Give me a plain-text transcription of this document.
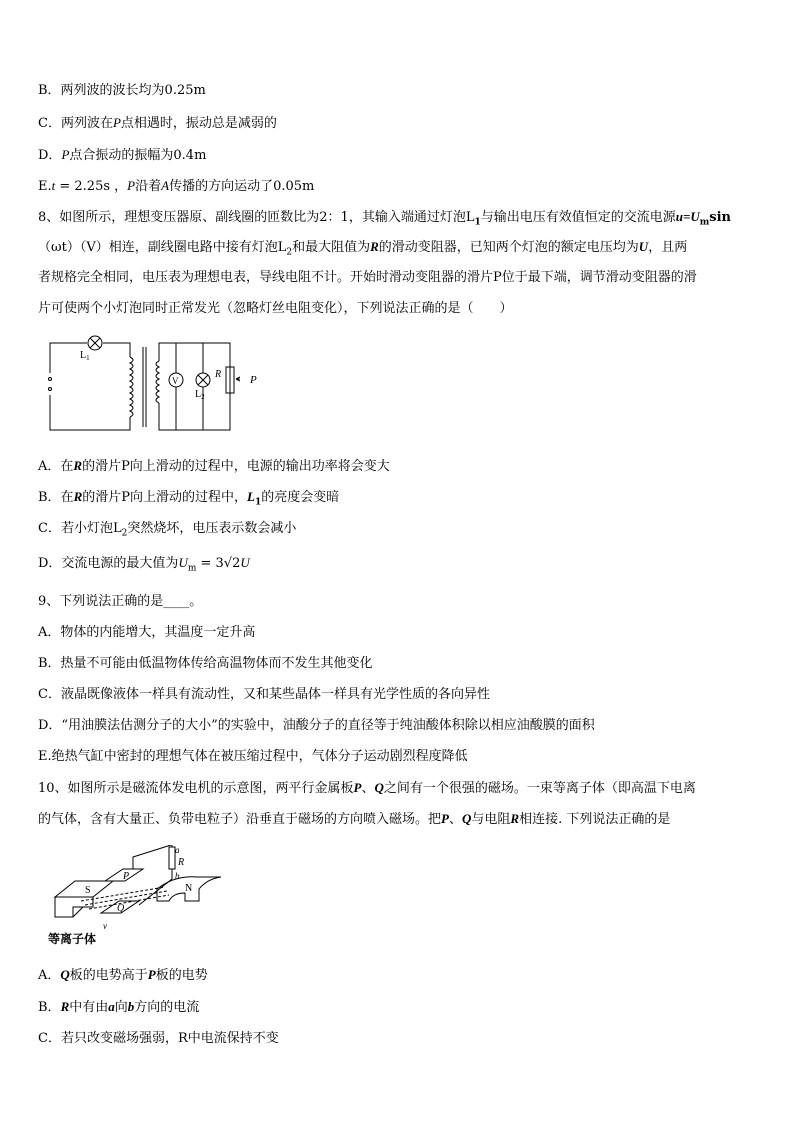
B．两列波的波长均为0.25m
C．两列波在P点相遇时，振动总是减弱的
D．P点合振动的振幅为0.4m
E.t = 2.25s ，P沿着A传播的方向运动了0.05m
8、如图所示，理想变压器原、副线圈的匝数比为2：1，其输入端通过灯泡$L_1$与输出电压有效值恒定的交流电源$u=U_m\sin$
（ωt）（V）相连，副线圈电路中接有灯泡$L_2$和最大阻值为R的滑动变阻器，已知两个灯泡的额定电压均为U，且两
者规格完全相同，电压表为理想电表，导线电阻不计。开始时滑动变阻器的滑片P位于最下端，调节滑动变阻器的滑
片可使两个小灯泡同时正常发光（忽略灯丝电阻变化），下列说法正确的是（　　）
$L_1$
V
$L_2$
R	P
A．在R的滑片P向上滑动的过程中，电源的输出功率将会变大
B．在R的滑片P向上滑动的过程中，$L_1$的亮度会变暗
C．若小灯泡$L_2$突然烧坏，电压表示数会减小
D．交流电源的最大值为$U_m = 3√2U$
9、下列说法正确的是____。
A．物体的内能增大，其温度一定升高
B．热量不可能由低温物体传给高温物体而不发生其他变化
C．液晶既像液体一样具有流动性，又和某些晶体一样具有光学性质的各向异性
D．“用油膜法估测分子的大小”的实验中，油酸分子的直径等于纯油酸体积除以相应油酸膜的面积
E.绝热气缸中密封的理想气体在被压缩过程中，气体分子运动剧烈程度降低
10、如图所示是磁流体发电机的示意图，两平行金属板P、Q之间有一个很强的磁场。一束等离子体（即高温下电离
的气体，含有大量正、负带电粒子）沿垂直于磁场的方向喷入磁场。把P、Q与电阻R相连接. 下列说法正确的是
a
R
b
S
P
Q
N
v
等离子体
A．Q板的电势高于P板的电势
B．R中有由a向b方向的电流
C．若只改变磁场强弱，R中电流保持不变
